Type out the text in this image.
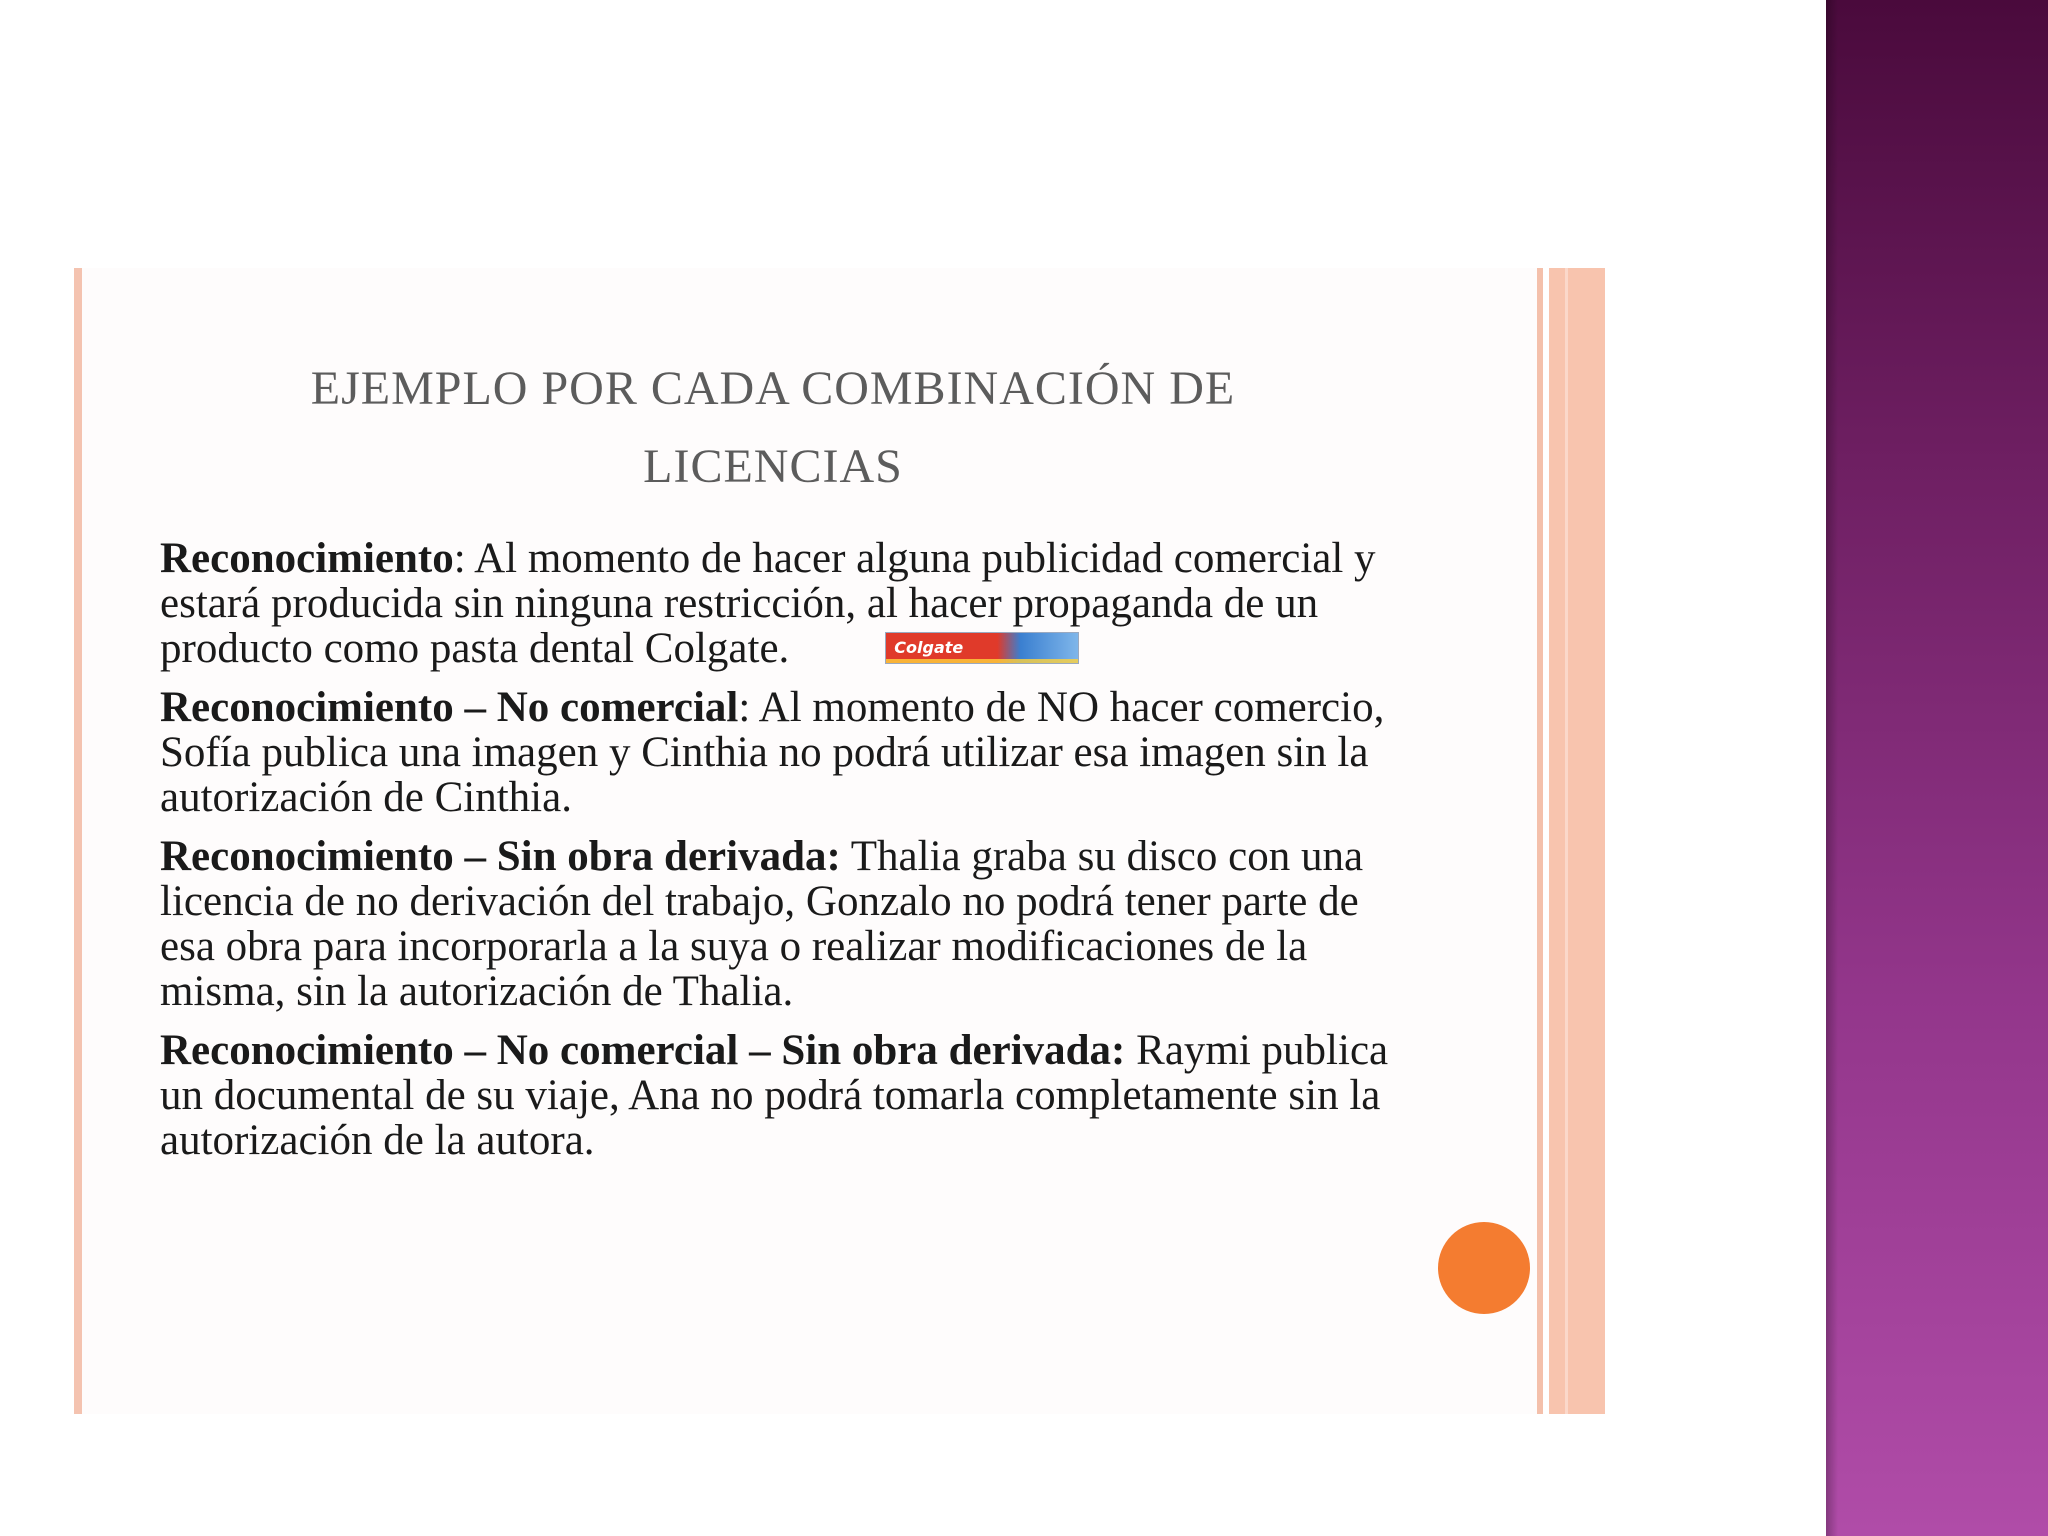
EJEMPLO POR CADA COMBINACIÓN DE
LICENCIAS

Reconocimiento: Al momento de hacer alguna publicidad comercial y estará producida sin ninguna restricción, al hacer propaganda de un producto como pasta dental Colgate.	Colgate

Reconocimiento – No comercial: Al momento de NO hacer comercio, Sofía publica una imagen y Cinthia no podrá utilizar esa imagen sin la autorización de Cinthia.

Reconocimiento – Sin obra derivada: Thalia graba su disco con una licencia de no derivación del trabajo, Gonzalo no podrá tener parte de esa obra para incorporarla a la suya o realizar modificaciones de la misma, sin la autorización de Thalia.

Reconocimiento – No comercial – Sin obra derivada: Raymi publica un documental de su viaje, Ana no podrá tomarla completamente sin la autorización de la autora.
